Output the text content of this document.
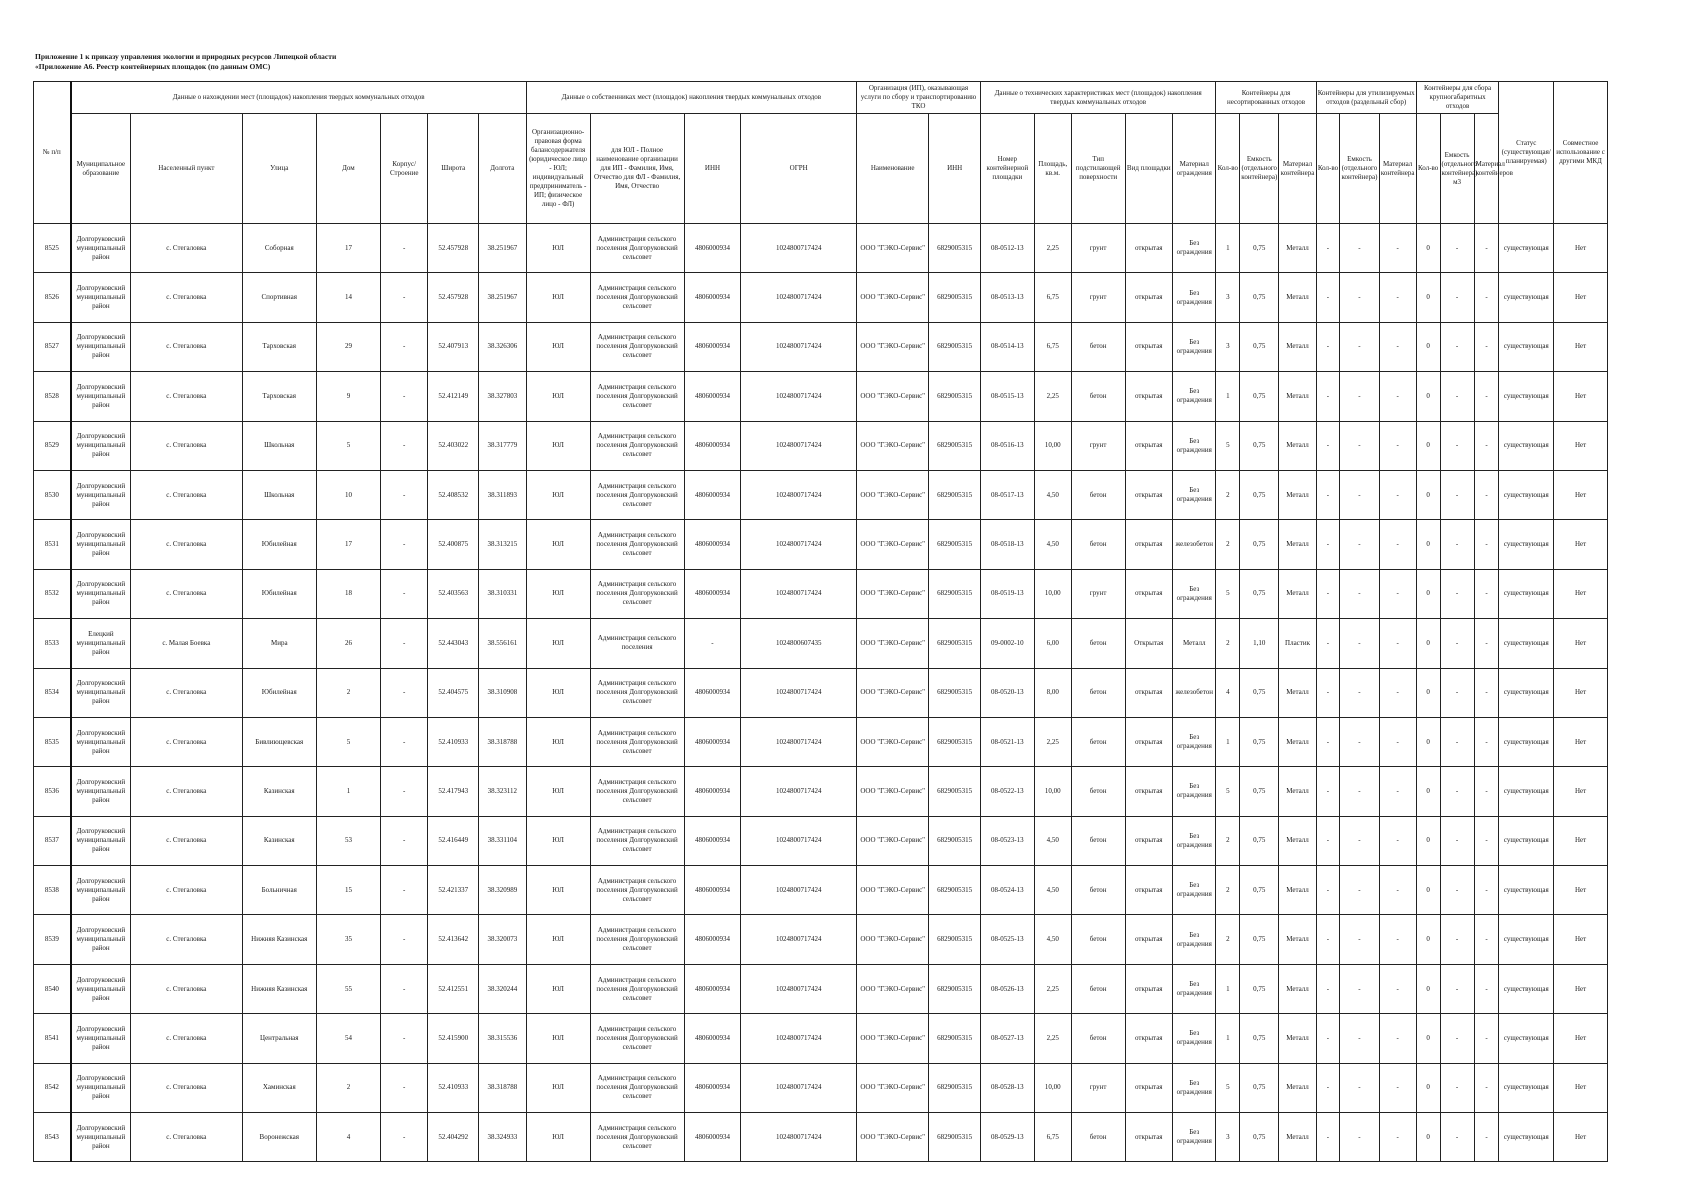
Приложение 1 к приказу управления экологии и природных ресурсов Липецкой области
«Приложение А6. Реестр контейнерных площадок (по данным ОМС)
№ п/п	Данные о нахождении мест (площадок) накопления твердых коммунальных отходов							Данные о собственниках мест (площадок) накопления твердых коммунальных отходов				Организация (ИП), оказывающая услуги по сбору и транспортированию ТКО		Данные о технических характеристиках мест (площадок) накопления твердых коммунальных отходов					Контейнеры для несортированных отходов			Контейнеры для утилизируемых отходов (раздельный сбор)			Контейнеры для сбора крупногабаритных отходов			Статус (существующая/планируемая)	Совместное использование с другими МКД
	Муниципальное образование	Населенный пункт	Улица	Дом	Корпус/Строение	Широта	Долгота	Организационно-правовая форма балансодержателя (юридическое лицо - ЮЛ; индивидуальный предприниматель - ИП; физическое лицо - ФЛ)	для ЮЛ - Полное наименование организации для ИП - Фамилия, Имя, Отчество для ФЛ - Фамилия, Имя, Отчество	ИНН	ОГРН	Наименование	ИНН	Номер контейнерной площадки	Площадь, кв.м.	Тип подстилающей поверхности	Вид площадки	Материал ограждения	Кол-во	Емкость (отдельного контейнера)	Материал контейнера	Кол-во	Емкость (отдельного контейнера)	Материал контейнера	Кол-во	Емкость (отдельного контейнера) м3	Материал контейнеров		
8525	Долгоруковский муниципальный район	с. Стегаловка	Соборная	17	-	52.457928	38.251967	ЮЛ	Администрация сельского поселения Долгоруковский сельсовет	4806000934	1024800717424	ООО "ГЭКО-Сервис"	6829005315	08-0512-13	2,25	грунт	открытая	Без ограждения	1	0,75	Металл	-	-	-	0	-	-	существующая	Нет
8526	Долгоруковский муниципальный район	с. Стегаловка	Спортивная	14	-	52.457928	38.251967	ЮЛ	Администрация сельского поселения Долгоруковский сельсовет	4806000934	1024800717424	ООО "ГЭКО-Сервис"	6829005315	08-0513-13	6,75	грунт	открытая	Без ограждения	3	0,75	Металл	-	-	-	0	-	-	существующая	Нет
8527	Долгоруковский муниципальный район	с. Стегаловка	Тарховская	29	-	52.407913	38.326306	ЮЛ	Администрация сельского поселения Долгоруковский сельсовет	4806000934	1024800717424	ООО "ГЭКО-Сервис"	6829005315	08-0514-13	6,75	бетон	открытая	Без ограждения	3	0,75	Металл	-	-	-	0	-	-	существующая	Нет
8528	Долгоруковский муниципальный район	с. Стегаловка	Тарховская	9	-	52.412149	38.327803	ЮЛ	Администрация сельского поселения Долгоруковский сельсовет	4806000934	1024800717424	ООО "ГЭКО-Сервис"	6829005315	08-0515-13	2,25	бетон	открытая	Без ограждения	1	0,75	Металл	-	-	-	0	-	-	существующая	Нет
8529	Долгоруковский муниципальный район	с. Стегаловка	Школьная	5	-	52.403022	38.317779	ЮЛ	Администрация сельского поселения Долгоруковский сельсовет	4806000934	1024800717424	ООО "ГЭКО-Сервис"	6829005315	08-0516-13	10,00	грунт	открытая	Без ограждения	5	0,75	Металл	-	-	-	0	-	-	существующая	Нет
8530	Долгоруковский муниципальный район	с. Стегаловка	Школьная	10	-	52.408532	38.311893	ЮЛ	Администрация сельского поселения Долгоруковский сельсовет	4806000934	1024800717424	ООО "ГЭКО-Сервис"	6829005315	08-0517-13	4,50	бетон	открытая	Без ограждения	2	0,75	Металл	-	-	-	0	-	-	существующая	Нет
8531	Долгоруковский муниципальный район	с. Стегаловка	Юбилейная	17	-	52.400875	38.313215	ЮЛ	Администрация сельского поселения Долгоруковский сельсовет	4806000934	1024800717424	ООО "ГЭКО-Сервис"	6829005315	08-0518-13	4,50	бетон	открытая	железобетон	2	0,75	Металл	-	-	-	0	-	-	существующая	Нет
8532	Долгоруковский муниципальный район	с. Стегаловка	Юбилейная	18	-	52.403563	38.310331	ЮЛ	Администрация сельского поселения Долгоруковский сельсовет	4806000934	1024800717424	ООО "ГЭКО-Сервис"	6829005315	08-0519-13	10,00	грунт	открытая	Без ограждения	5	0,75	Металл	-	-	-	0	-	-	существующая	Нет
8533	Елецкий муниципальный район	с. Малая Боевка	Мира	26	-	52.443043	38.556161	ЮЛ	Администрация сельского поселения	-	1024800607435	ООО "ГЭКО-Сервис"	6829005315	09-0002-10	6,00	бетон	Открытая	Металл	2	1,10	Пластик	-	-	-	0	-	-	существующая	Нет
8534	Долгоруковский муниципальный район	с. Стегаловка	Юбилейная	2	-	52.404575	38.310908	ЮЛ	Администрация сельского поселения Долгоруковский сельсовет	4806000934	1024800717424	ООО "ГЭКО-Сервис"	6829005315	08-0520-13	8,00	бетон	открытая	железобетон	4	0,75	Металл	-	-	-	0	-	-	существующая	Нет
8535	Долгоруковский муниципальный район	с. Стегаловка	Бивлиющевская	5	-	52.410933	38.318788	ЮЛ	Администрация сельского поселения Долгоруковский сельсовет	4806000934	1024800717424	ООО "ГЭКО-Сервис"	6829005315	08-0521-13	2,25	бетон	открытая	Без ограждения	1	0,75	Металл	-	-	-	0	-	-	существующая	Нет
8536	Долгоруковский муниципальный район	с. Стегаловка	Казинская	1	-	52.417943	38.323112	ЮЛ	Администрация сельского поселения Долгоруковский сельсовет	4806000934	1024800717424	ООО "ГЭКО-Сервис"	6829005315	08-0522-13	10,00	бетон	открытая	Без ограждения	5	0,75	Металл	-	-	-	0	-	-	существующая	Нет
8537	Долгоруковский муниципальный район	с. Стегаловка	Казинская	53	-	52.416449	38.331104	ЮЛ	Администрация сельского поселения Долгоруковский сельсовет	4806000934	1024800717424	ООО "ГЭКО-Сервис"	6829005315	08-0523-13	4,50	бетон	открытая	Без ограждения	2	0,75	Металл	-	-	-	0	-	-	существующая	Нет
8538	Долгоруковский муниципальный район	с. Стегаловка	Больничная	15	-	52.421337	38.320989	ЮЛ	Администрация сельского поселения Долгоруковский сельсовет	4806000934	1024800717424	ООО "ГЭКО-Сервис"	6829005315	08-0524-13	4,50	бетон	открытая	Без ограждения	2	0,75	Металл	-	-	-	0	-	-	существующая	Нет
8539	Долгоруковский муниципальный район	с. Стегаловка	Нижняя Казинская	35	-	52.413642	38.320073	ЮЛ	Администрация сельского поселения Долгоруковский сельсовет	4806000934	1024800717424	ООО "ГЭКО-Сервис"	6829005315	08-0525-13	4,50	бетон	открытая	Без ограждения	2	0,75	Металл	-	-	-	0	-	-	существующая	Нет
8540	Долгоруковский муниципальный район	с. Стегаловка	Нижняя Казинская	55	-	52.412551	38.320244	ЮЛ	Администрация сельского поселения Долгоруковский сельсовет	4806000934	1024800717424	ООО "ГЭКО-Сервис"	6829005315	08-0526-13	2,25	бетон	открытая	Без ограждения	1	0,75	Металл	-	-	-	0	-	-	существующая	Нет
8541	Долгоруковский муниципальный район	с. Стегаловка	Центральная	54	-	52.415900	38.315536	ЮЛ	Администрация сельского поселения Долгоруковский сельсовет	4806000934	1024800717424	ООО "ГЭКО-Сервис"	6829005315	08-0527-13	2,25	бетон	открытая	Без ограждения	1	0,75	Металл	-	-	-	0	-	-	существующая	Нет
8542	Долгоруковский муниципальный район	с. Стегаловка	Хаминская	2	-	52.410933	38.318788	ЮЛ	Администрация сельского поселения Долгоруковский сельсовет	4806000934	1024800717424	ООО "ГЭКО-Сервис"	6829005315	08-0528-13	10,00	грунт	открытая	Без ограждения	5	0,75	Металл	-	-	-	0	-	-	существующая	Нет
8543	Долгоруковский муниципальный район	с. Стегаловка	Воронежская	4	-	52.404292	38.324933	ЮЛ	Администрация сельского поселения Долгоруковский сельсовет	4806000934	1024800717424	ООО "ГЭКО-Сервис"	6829005315	08-0529-13	6,75	бетон	открытая	Без ограждения	3	0,75	Металл	-	-	-	0	-	-	существующая	Нет
